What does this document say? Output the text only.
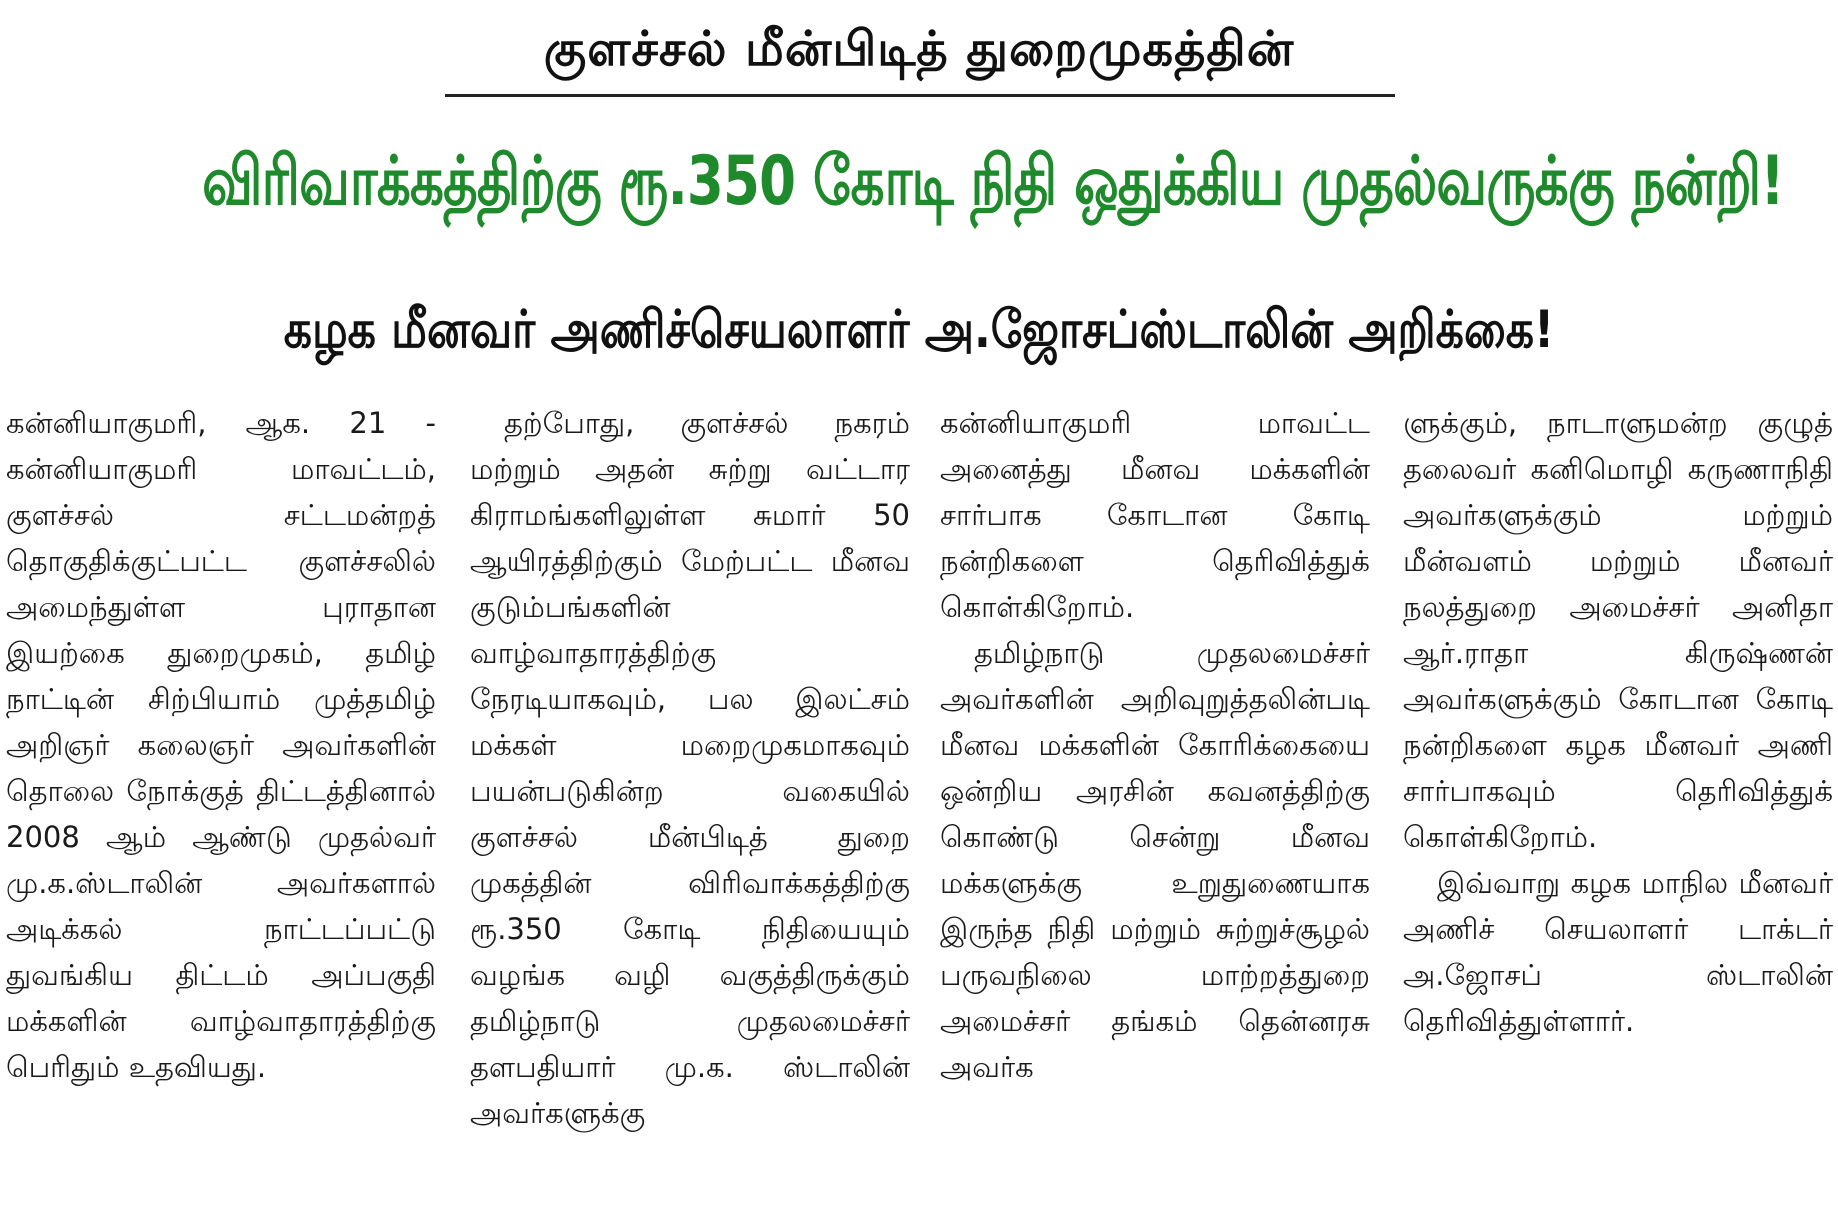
குளச்சல் மீன்பிடித் துறைமுகத்தின்
விரிவாக்கத்திற்கு ரூ.350 கோடி நிதி ஒதுக்கிய முதல்வருக்கு நன்றி!
கழக மீனவர் அணிச்செயலாளர் அ.ஜோசப்ஸ்டாலின் அறிக்கை!

கன்னியாகுமரி, ஆக. 21 - கன்னியாகுமரி மாவட்டம், குளச்சல் சட்டமன்றத் தொகுதிக்குட்பட்ட குளச்சலில் அமைந்துள்ள புராதான இயற்கை துறைமுகம், தமிழ் நாட்டின் சிற்பியாம் முத்தமிழ் அறிஞர் கலைஞர் அவர்களின் தொலை நோக்குத் திட்டத்தினால் 2008 ஆம் ஆண்டு முதல்வர் மு.க.ஸ்டாலின் அவர்களால் அடிக்கல் நாட்டப்பட்டு துவங்கிய திட்டம் அப்பகுதி மக்களின் வாழ்வாதாரத்திற்கு பெரிதும் உதவியது.

தற்போது, குளச்சல் நகரம் மற்றும் அதன் சுற்று வட்டார கிராமங்களிலுள்ள சுமார் 50 ஆயிரத்திற்கும் மேற்பட்ட மீனவ குடும்பங்களின் வாழ்வாதாரத்திற்கு நேரடியாகவும், பல இலட்சம் மக்கள் மறைமுகமாகவும் பயன்படுகின்ற வகையில் குளச்சல் மீன்பிடித் துறை முகத்தின் விரிவாக்கத்திற்கு ரூ.350 கோடி நிதியையும் வழங்க வழி வகுத்திருக்கும் தமிழ்நாடு முதலமைச்சர் தளபதியார் மு.க. ஸ்டாலின் அவர்களுக்கு

கன்னியாகுமரி மாவட்ட அனைத்து மீனவ மக்களின் சார்பாக கோடான கோடி நன்றிகளை தெரிவித்துக் கொள்கிறோம்.

தமிழ்நாடு முதலமைச்சர் அவர்களின் அறிவுறுத்தலின்படி மீனவ மக்களின் கோரிக்கையை ஒன்றிய அரசின் கவனத்திற்கு கொண்டு சென்று மீனவ மக்களுக்கு உறுதுணையாக இருந்த நிதி மற்றும் சுற்றுச்சூழல் பருவநிலை மாற்றத்துறை அமைச்சர் தங்கம் தென்னரசு அவர்க

ளுக்கும், நாடாளுமன்ற குழுத் தலைவர் கனிமொழி கருணாநிதி அவர்களுக்கும் மற்றும் மீன்வளம் மற்றும் மீனவர் நலத்துறை அமைச்சர் அனிதா ஆர்.ராதா கிருஷ்ணன் அவர்களுக்கும் கோடான கோடி நன்றிகளை கழக மீனவர் அணி சார்பாகவும் தெரிவித்துக் கொள்கிறோம்.

இவ்வாறு கழக மாநில மீனவர் அணிச் செயலாளர் டாக்டர் அ.ஜோசப் ஸ்டாலின் தெரிவித்துள்ளார்.
